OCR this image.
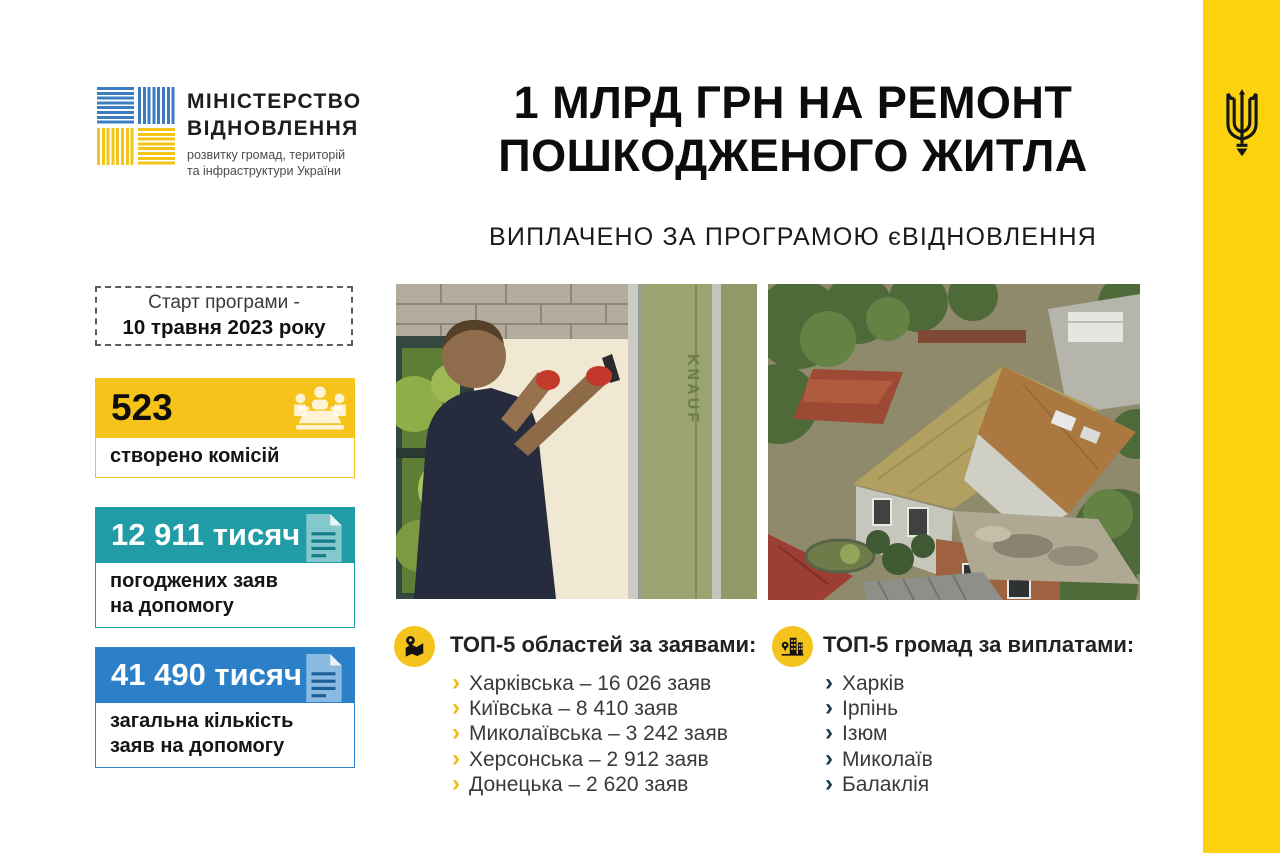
МІНІСТЕРСТВО
ВІДНОВЛЕННЯ
розвитку громад, територій
та інфраструктури України
1 МЛРД ГРН НА РЕМОНТ
ПОШКОДЖЕНОГО ЖИТЛА
ВИПЛАЧЕНО ЗА ПРОГРАМОЮ єВІДНОВЛЕННЯ
Старт програми -
10 травня 2023 року
523
створено комісій
12 911 тисяч
погоджених заяв
на допомогу
41 490 тисяч
загальна кількість
заяв на допомогу
KNAUF
ТОП-5 областей за заявами:
› Харківська – 16 026 заяв
› Київська – 8 410 заяв
› Миколаївська – 3 242 заяв
› Херсонська – 2 912 заяв
› Донецька – 2 620 заяв
ТОП-5 громад за виплатами:
› Харків
› Ірпінь
› Ізюм
› Миколаїв
› Балаклія
